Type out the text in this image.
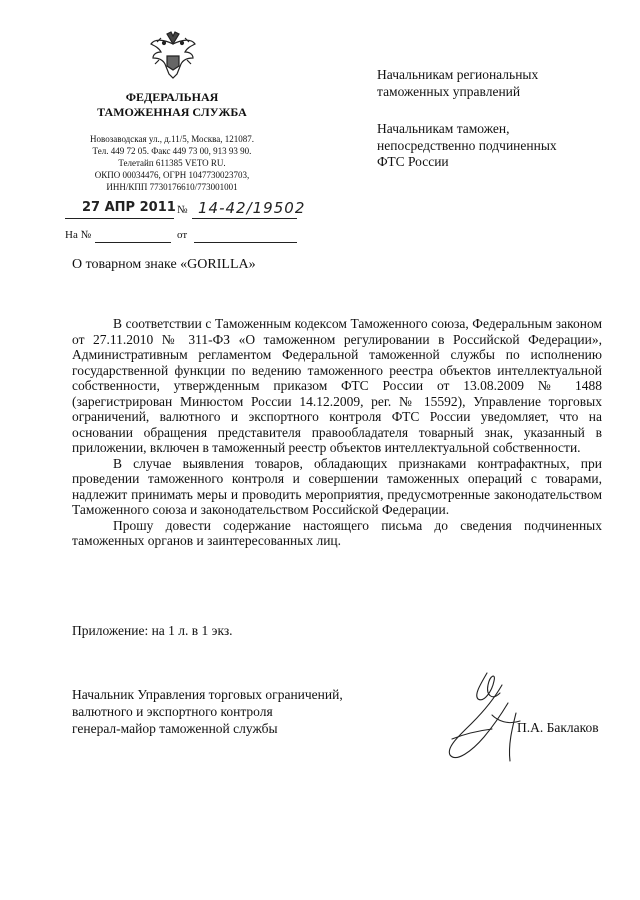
ФЕДЕРАЛЬНАЯ
ТАМОЖЕННАЯ СЛУЖБА
Новозаводская ул., д.11/5, Москва, 121087.
Тел. 449 72 05. Факс 449 73 00, 913 93 90.
Телетайп 611385 VETO RU.
ОКПО 00034476, ОГРН 1047730023703,
ИНН/КПП 7730176610/773001001
27 АПР 2011 № 14-42/19502
На №	от
Начальникам региональных
таможенных управлений
Начальникам таможен,
непосредственно подчиненных
ФТС России
О товарном знаке «GORILLA»

В соответствии с Таможенным кодексом Таможенного союза, Федеральным законом от 27.11.2010 № 311-ФЗ «О таможенном регулировании в Российской Федерации», Административным регламентом Федеральной таможенной службы по исполнению государственной функции по ведению таможенного реестра объектов интеллектуальной собственности, утвержденным приказом ФТС России от 13.08.2009 № 1488 (зарегистрирован Минюстом России 14.12.2009, рег. № 15592), Управление торговых ограничений, валютного и экспортного контроля ФТС России уведомляет, что на основании обращения представителя правообладателя товарный знак, указанный в приложении, включен в таможенный реестр объектов интеллектуальной собственности.

В случае выявления товаров, обладающих признаками контрафактных, при проведении таможенного контроля и совершении таможенных операций с товарами, надлежит принимать меры и проводить мероприятия, предусмотренные законодательством Таможенного союза и законодательством Российской Федерации.

Прошу довести содержание настоящего письма до сведения подчиненных таможенных органов и заинтересованных лиц.

Приложение: на 1 л. в 1 экз.
Начальник Управления торговых ограничений,
валютного и экспортного контроля
генерал-майор таможенной службы	П.А. Баклаков
